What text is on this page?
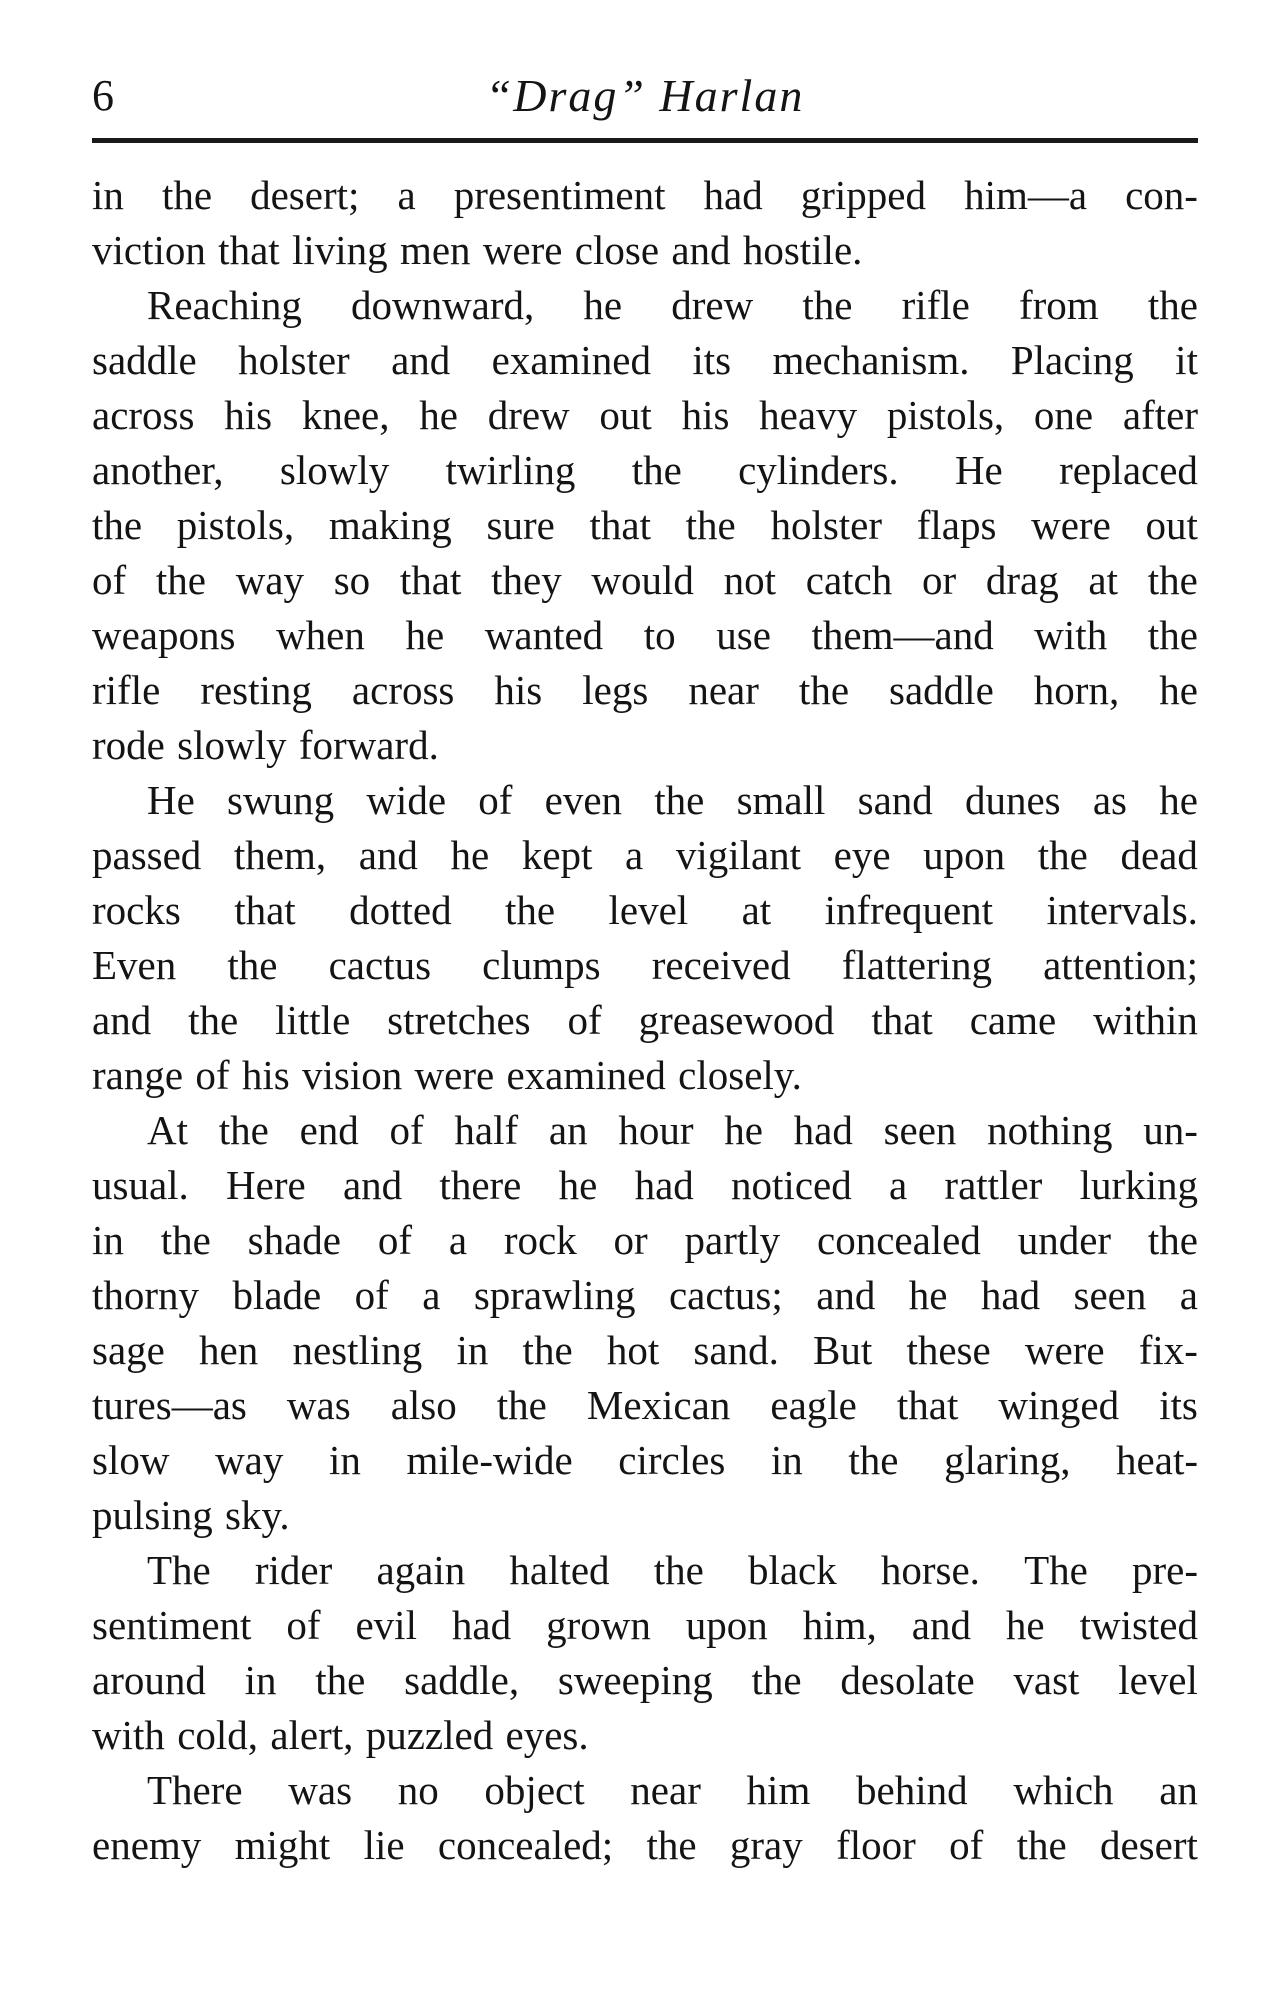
6	“Drag” Harlan
in the desert; a presentiment had gripped him—a con-
viction that living men were close and hostile.
Reaching downward, he drew the rifle from the
saddle holster and examined its mechanism. Placing it
across his knee, he drew out his heavy pistols, one after
another, slowly twirling the cylinders. He replaced
the pistols, making sure that the holster flaps were out
of the way so that they would not catch or drag at the
weapons when he wanted to use them—and with the
rifle resting across his legs near the saddle horn, he
rode slowly forward.
He swung wide of even the small sand dunes as he
passed them, and he kept a vigilant eye upon the dead
rocks that dotted the level at infrequent intervals.
Even the cactus clumps received flattering attention;
and the little stretches of greasewood that came within
range of his vision were examined closely.
At the end of half an hour he had seen nothing un-
usual. Here and there he had noticed a rattler lurking
in the shade of a rock or partly concealed under the
thorny blade of a sprawling cactus; and he had seen a
sage hen nestling in the hot sand. But these were fix-
tures—as was also the Mexican eagle that winged its
slow way in mile-wide circles in the glaring, heat-
pulsing sky.
The rider again halted the black horse. The pre-
sentiment of evil had grown upon him, and he twisted
around in the saddle, sweeping the desolate vast level
with cold, alert, puzzled eyes.
There was no object near him behind which an
enemy might lie concealed; the gray floor of the desert
